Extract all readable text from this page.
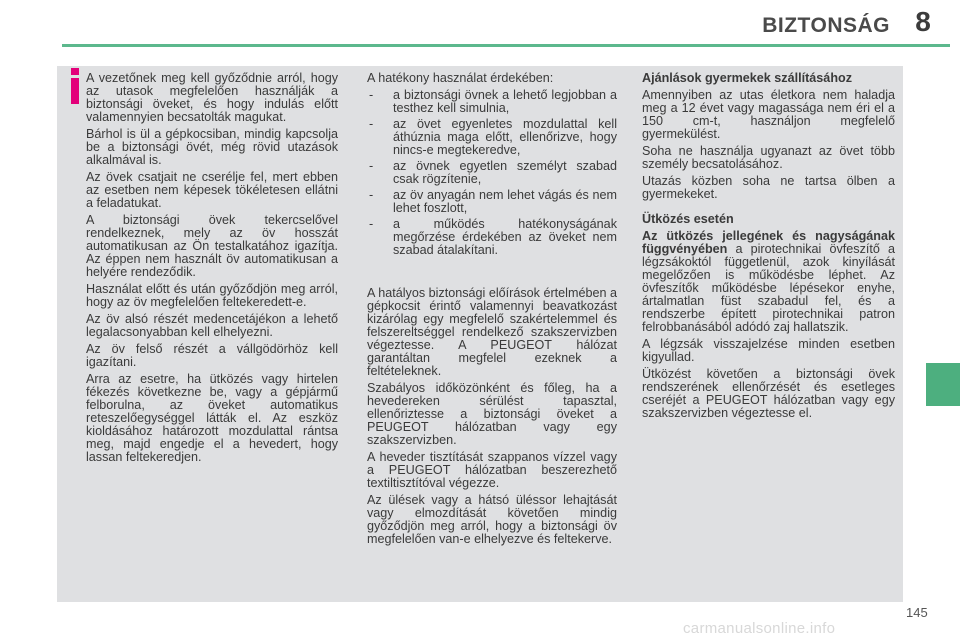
BIZTONSÁG 8

A vezetőnek meg kell győződnie arról, hogy az utasok megfelelően használják a biztonsági öveket, és hogy indulás előtt valamennyien becsatolták magukat.

Bárhol is ül a gépkocsiban, mindig kapcsolja be a biztonsági övét, még rövid utazások alkalmával is.

Az övek csatjait ne cserélje fel, mert ebben az esetben nem képesek tökéletesen ellátni a feladatukat.

A biztonsági övek tekercselővel rendelkeznek, mely az öv hosszát automatikusan az Ön testalkatához igazítja. Az éppen nem használt öv automatikusan a helyére rendeződik.

Használat előtt és után győződjön meg arról, hogy az öv megfelelően feltekeredett-e.

Az öv alsó részét medencetájékon a lehető legalacsonyabban kell elhelyezni.

Az öv felső részét a vállgödörhöz kell igazítani.

Arra az esetre, ha ütközés vagy hirtelen fékezés következne be, vagy a gépjármű felborulna, az öveket automatikus reteszelőegységgel látták el. Az eszköz kioldásához határozott mozdulattal rántsa meg, majd engedje el a hevedert, hogy lassan feltekeredjen.

A hatékony használat érdekében:

- a biztonsági övnek a lehető legjobban a testhez kell simulnia,
- az övet egyenletes mozdulattal kell áthúznia maga előtt, ellenőrizve, hogy nincs-e megtekeredve,
- az övnek egyetlen személyt szabad csak rögzítenie,
- az öv anyagán nem lehet vágás és nem lehet foszlott,
- a működés hatékonyságának megőrzése érdekében az öveket nem szabad átalakítani.

A hatályos biztonsági előírások értelmében a gépkocsit érintő valamennyi beavatkozást kizárólag egy megfelelő szakértelemmel és felszereltséggel rendelkező szakszervizben végeztesse. A PEUGEOT hálózat garantáltan megfelel ezeknek a feltételeknek.

Szabályos időközönként és főleg, ha a hevedereken sérülést tapasztal, ellenőriztesse a biztonsági öveket a PEUGEOT hálózatban vagy egy szakszervizben.

A heveder tisztítását szappanos vízzel vagy a PEUGEOT hálózatban beszerezhető textiltisztítóval végezze.

Az ülések vagy a hátsó üléssor lehajtását vagy elmozdítását követően mindig győződjön meg arról, hogy a biztonsági öv megfelelően van-e elhelyezve és feltekerve.

Ajánlások gyermekek szállításához

Amennyiben az utas életkora nem haladja meg a 12 évet vagy magassága nem éri el a 150 cm-t, használjon megfelelő gyermekülést.

Soha ne használja ugyanazt az övet több személy becsatolásához.

Utazás közben soha ne tartsa ölben a gyermekeket.

Ütközés esetén

Az ütközés jellegének és nagyságának függvényében a pirotechnikai övfeszítő a légzsákoktól függetlenül, azok kinyílását megelőzően is működésbe léphet. Az övfeszítők működésbe lépésekor enyhe, ártalmatlan füst szabadul fel, és a rendszerbe épített pirotechnikai patron felrobbanásából adódó zaj hallatszik.

A légzsák visszajelzése minden esetben kigyullad.

Ütközést követően a biztonsági övek rendszerének ellenőrzését és esetleges cseréjét a PEUGEOT hálózatban vagy egy szakszervizben végeztesse el.

145
carmanualsonline.info
